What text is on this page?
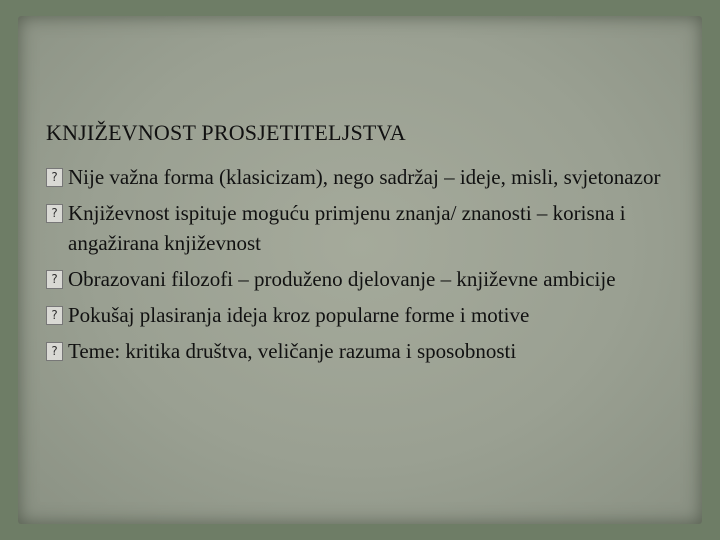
KNJIŽEVNOST PROSJETITELJSTVA
? Nije važna forma (klasicizam), nego sadržaj – ideje, misli, svjetonazor
? Književnost ispituje moguću primjenu znanja/ znanosti – korisna i angažirana književnost
? Obrazovani filozofi – produženo djelovanje – književne ambicije
? Pokušaj plasiranja ideja kroz popularne forme i motive
? Teme: kritika društva, veličanje razuma i sposobnosti
